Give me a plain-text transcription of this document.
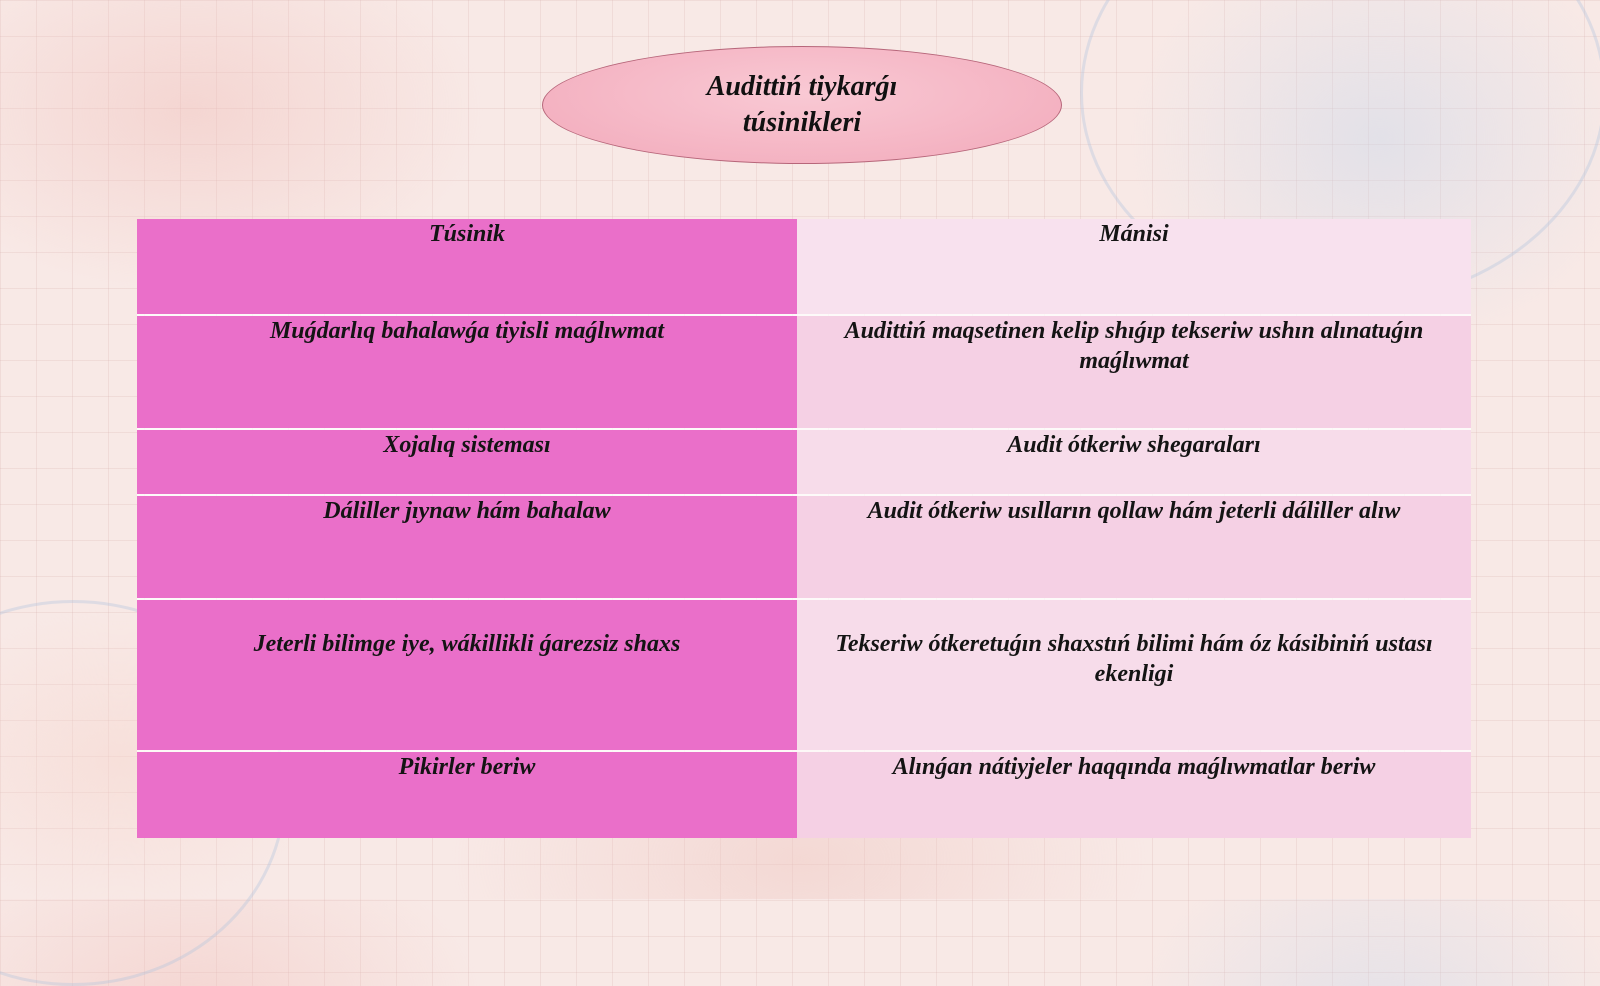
Audittiń tiykarǵı túsinikleri
Túsinik	Mánisi
Muǵdarlıq bahalawǵa tiyisli maǵlıwmat	Audittiń maqsetinen kelip shıǵıp tekseriw ushın alınatuǵın maǵlıwmat
Xojalıq sisteması	Audit ótkeriw shegaraları
Dáliller jıynaw hám bahalaw	Audit ótkeriw usılların qollaw hám jeterli dáliller alıw
Jeterli bilimge iye, wákillikli ǵarezsiz shaxs	Tekseriw ótkeretuǵın shaxstıń bilimi hám óz kásibiniń ustası ekenligi
Pikirler beriw	Alınǵan nátiyjeler haqqında maǵlıwmatlar beriw
